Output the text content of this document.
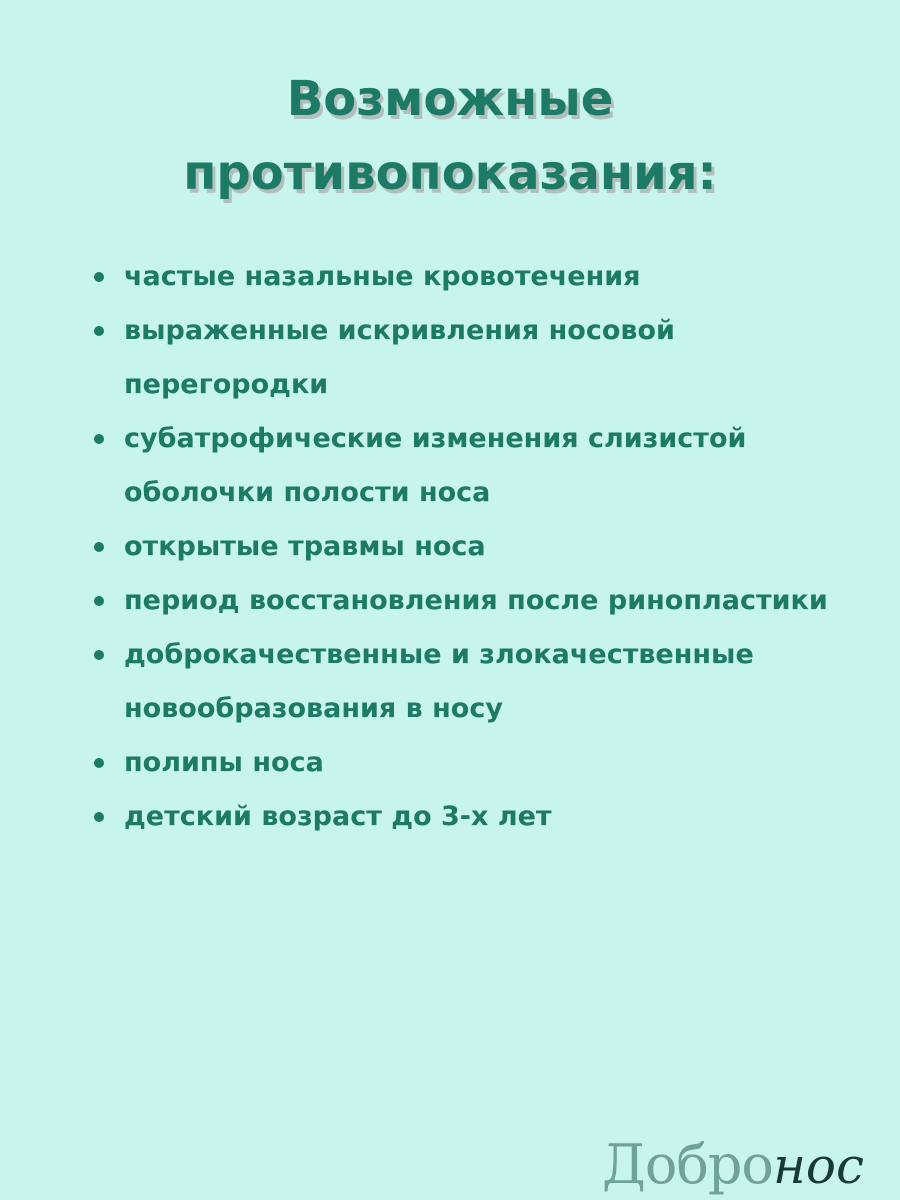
Возможные
противопоказания:
частые назальные кровотечения
выраженные искривления носовой перегородки
субатрофические изменения слизистой оболочки полости носа
открытые травмы носа
период восстановления после ринопластики
доброкачественные и злокачественные новообразования в носу
полипы носа
детский возраст до 3-х лет
Добронос
